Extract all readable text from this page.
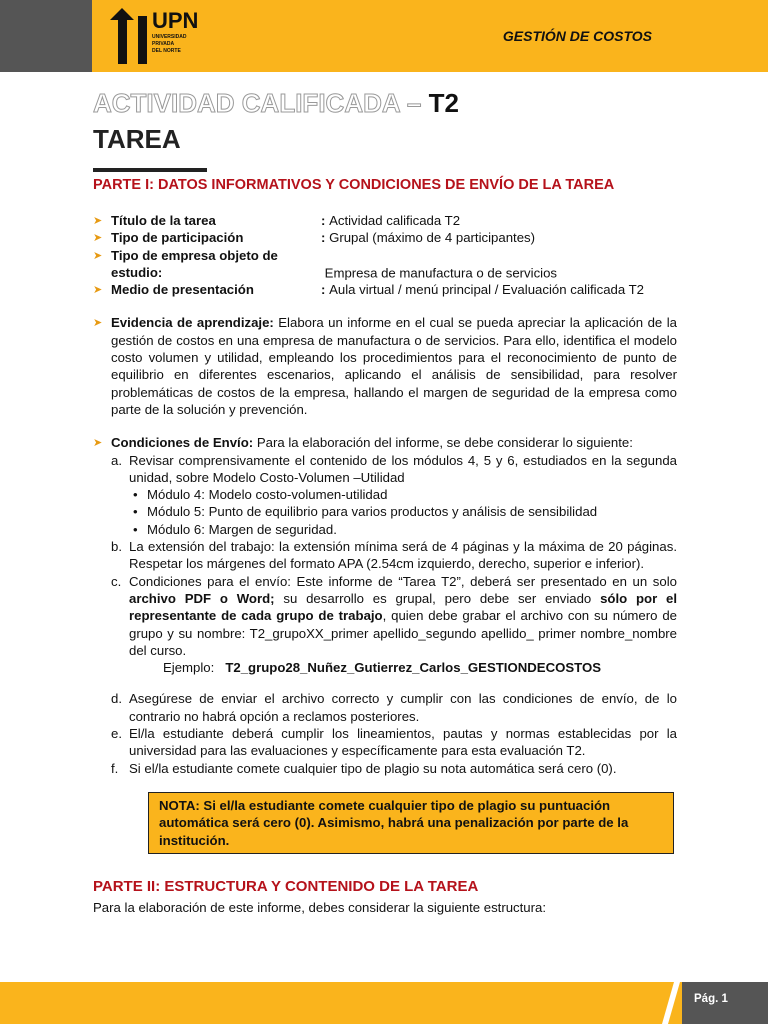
UPN
UNIVERSIDAD
PRIVADA
DEL NORTE
GESTIÓN DE COSTOS
ACTIVIDAD CALIFICADA – T2
TAREA
PARTE I: DATOS INFORMATIVOS Y CONDICIONES DE ENVÍO DE LA TAREA
➤ Título de la tarea	: Actividad calificada T2
➤ Tipo de participación	: Grupal (máximo de 4 participantes)
➤ Tipo de empresa objeto de estudio:	Empresa de manufactura o de servicios
➤ Medio de presentación	: Aula virtual / menú principal / Evaluación calificada T2
➤ Evidencia de aprendizaje: Elabora un informe en el cual se pueda apreciar la aplicación de la gestión de costos en una empresa de manufactura o de servicios. Para ello, identifica el modelo costo volumen y utilidad, empleando los procedimientos para el reconocimiento de punto de equilibrio en diferentes escenarios, aplicando el análisis de sensibilidad, para resolver problemáticas de costos de la empresa, hallando el margen de seguridad de la empresa como parte de la solución y prevención.
➤ Condiciones de Envío: Para la elaboración del informe, se debe considerar lo siguiente:
a. Revisar comprensivamente el contenido de los módulos 4, 5 y 6, estudiados en la segunda unidad, sobre Modelo Costo-Volumen –Utilidad
• Módulo 4: Modelo costo-volumen-utilidad
• Módulo 5: Punto de equilibrio para varios productos y análisis de sensibilidad
• Módulo 6: Margen de seguridad.
b. La extensión del trabajo: la extensión mínima será de 4 páginas y la máxima de 20 páginas. Respetar los márgenes del formato APA (2.54cm izquierdo, derecho, superior e inferior).
c. Condiciones para el envío: Este informe de “Tarea T2”, deberá ser presentado en un solo archivo PDF o Word; su desarrollo es grupal, pero debe ser enviado sólo por el representante de cada grupo de trabajo, quien debe grabar el archivo con su número de grupo y su nombre: T2_grupoXX_primer apellido_segundo apellido_ primer nombre_nombre del curso.
Ejemplo: T2_grupo28_Nuñez_Gutierrez_Carlos_GESTIONDECOSTOS
d. Asegúrese de enviar el archivo correcto y cumplir con las condiciones de envío, de lo contrario no habrá opción a reclamos posteriores.
e. El/la estudiante deberá cumplir los lineamientos, pautas y normas establecidas por la universidad para las evaluaciones y específicamente para esta evaluación T2.
f. Si el/la estudiante comete cualquier tipo de plagio su nota automática será cero (0).
NOTA: Si el/la estudiante comete cualquier tipo de plagio su puntuación automática será cero (0). Asimismo, habrá una penalización por parte de la institución.
PARTE II: ESTRUCTURA Y CONTENIDO DE LA TAREA
Para la elaboración de este informe, debes considerar la siguiente estructura:
Pág. 1
